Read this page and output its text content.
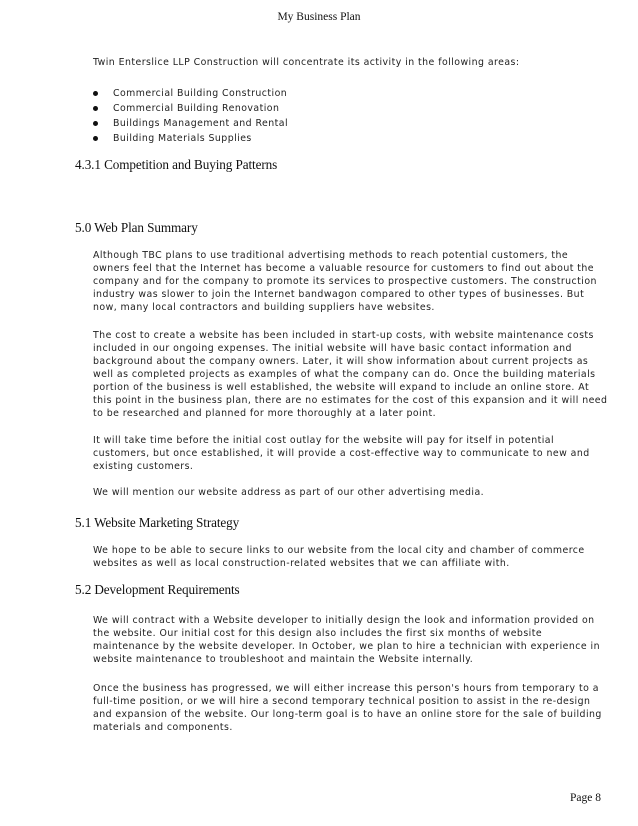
My Business Plan
Twin Enterslice LLP Construction will concentrate its activity in the following areas:
Commercial Building Construction
Commercial Building Renovation
Buildings Management and Rental
Building Materials Supplies
4.3.1 Competition and Buying Patterns
5.0 Web Plan Summary

Although TBC plans to use traditional advertising methods to reach potential customers, the owners feel that the Internet has become a valuable resource for customers to find out about the company and for the company to promote its services to prospective customers. The construction industry was slower to join the Internet bandwagon compared to other types of businesses. But now, many local contractors and building suppliers have websites.

The cost to create a website has been included in start-up costs, with website maintenance costs included in our ongoing expenses. The initial website will have basic contact information and background about the company owners. Later, it will show information about current projects as well as completed projects as examples of what the company can do. Once the building materials portion of the business is well established, the website will expand to include an online store. At this point in the business plan, there are no estimates for the cost of this expansion and it will need to be researched and planned for more thoroughly at a later point.

It will take time before the initial cost outlay for the website will pay for itself in potential customers, but once established, it will provide a cost-effective way to communicate to new and existing customers.

We will mention our website address as part of our other advertising media.

5.1 Website Marketing Strategy

We hope to be able to secure links to our website from the local city and chamber of commerce websites as well as local construction-related websites that we can affiliate with.

5.2 Development Requirements

We will contract with a Website developer to initially design the look and information provided on the website. Our initial cost for this design also includes the first six months of website maintenance by the website developer. In October, we plan to hire a technician with experience in website maintenance to troubleshoot and maintain the Website internally.

Once the business has progressed, we will either increase this person's hours from temporary to a full-time position, or we will hire a second temporary technical position to assist in the re-design and expansion of the website. Our long-term goal is to have an online store for the sale of building materials and components.

Page 8
